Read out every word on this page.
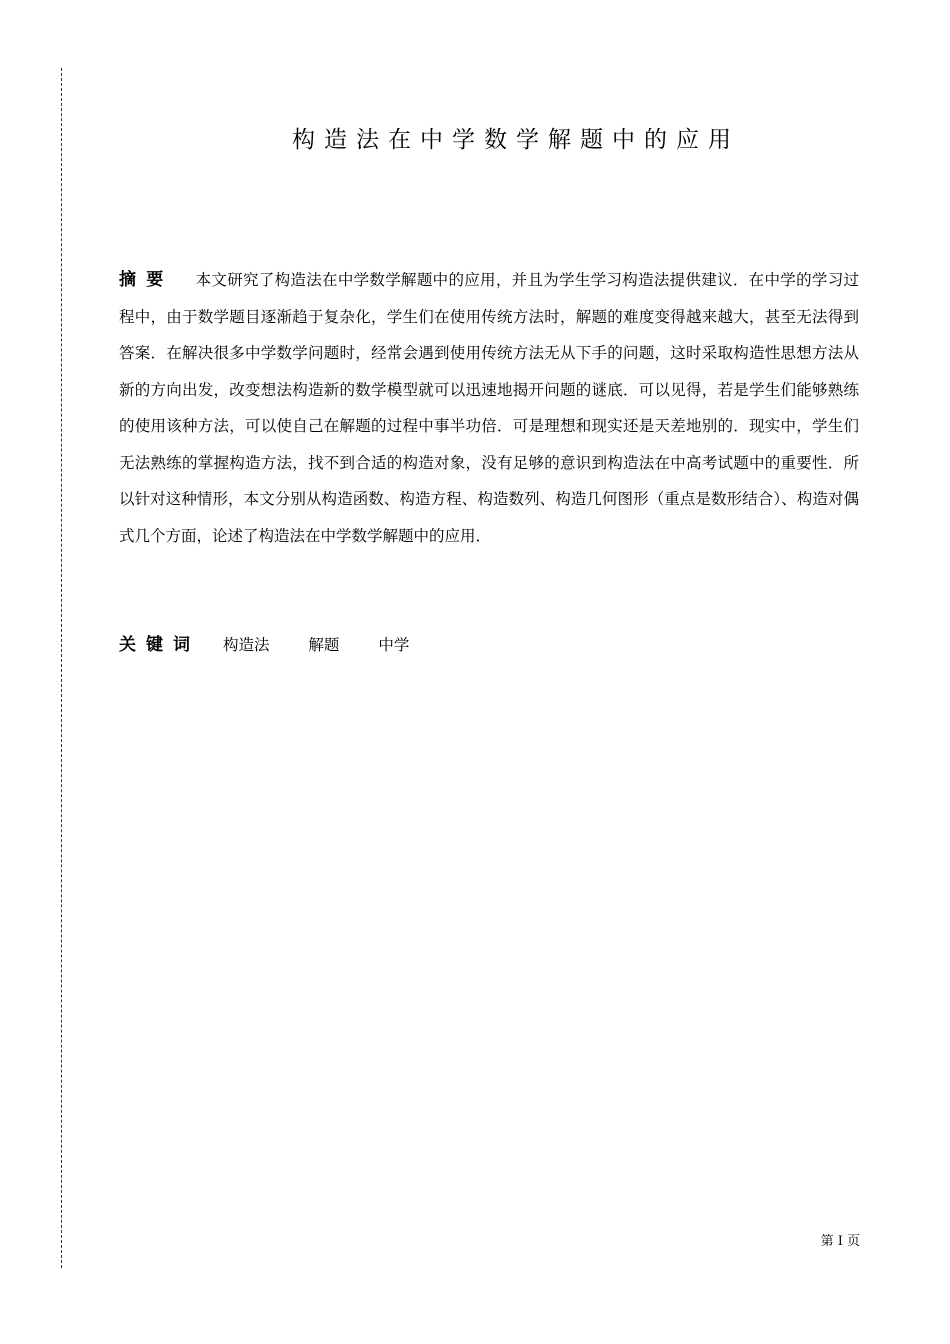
构造法在中学数学解题中的应用
摘要 本文研究了构造法在中学数学解题中的应用，并且为学生学习构造法提供建议．在中学的学习过程中，由于数学题目逐渐趋于复杂化，学生们在使用传统方法时，解题的难度变得越来越大，甚至无法得到答案．在解决很多中学数学问题时，经常会遇到使用传统方法无从下手的问题，这时采取构造性思想方法从新的方向出发，改变想法构造新的数学模型就可以迅速地揭开问题的谜底．可以见得，若是学生们能够熟练的使用该种方法，可以使自己在解题的过程中事半功倍．可是理想和现实还是天差地别的．现实中，学生们无法熟练的掌握构造方法，找不到合适的构造对象，没有足够的意识到构造法在中高考试题中的重要性．所以针对这种情形，本文分别从构造函数、构造方程、构造数列、构造几何图形（重点是数形结合）、构造对偶式几个方面，论述了构造法在中学数学解题中的应用．
关键词 构造法	解题	中学
第 I 页
